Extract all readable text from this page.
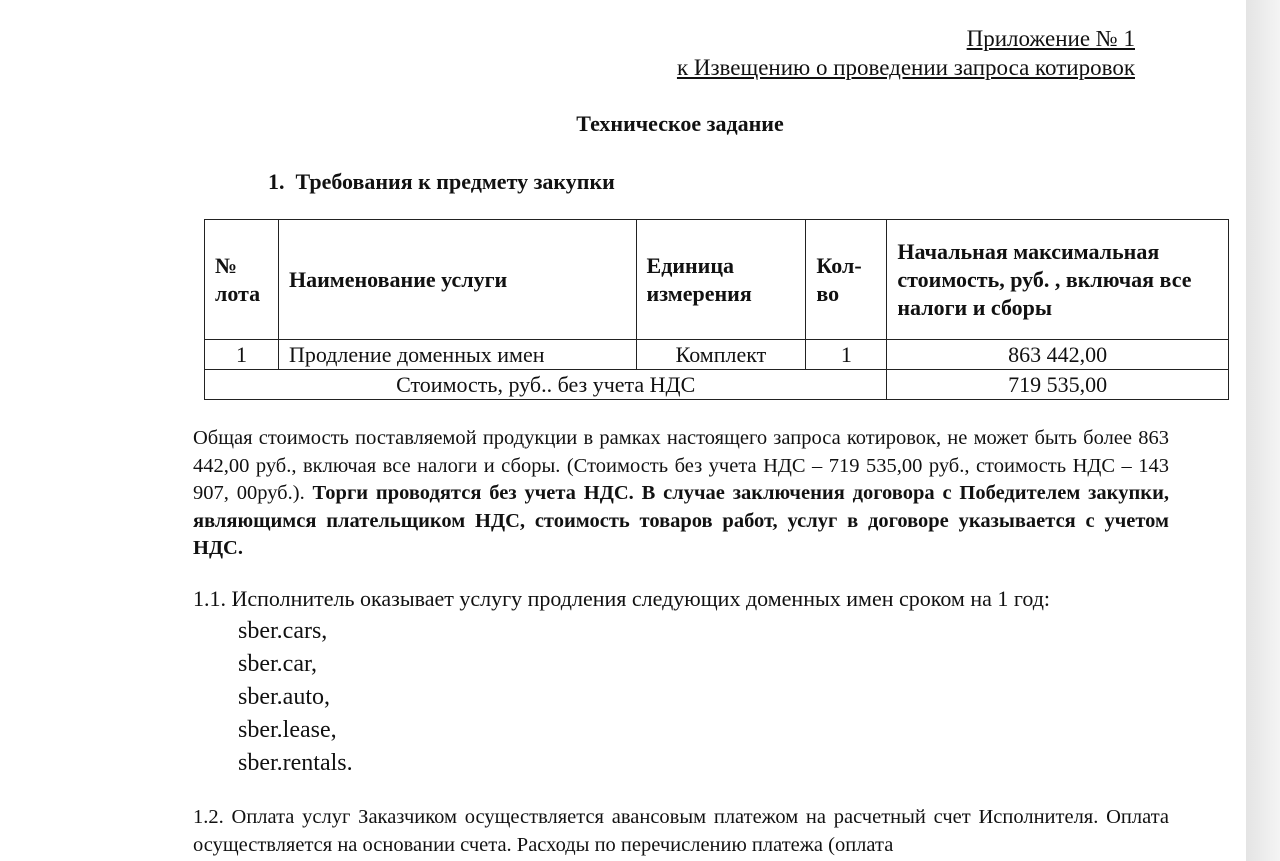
Приложение № 1
к Извещению о проведении запроса котировок
Техническое задание
1. Требования к предмету закупки
№ лота	Наименование услуги	Единица измерения	Кол-во	Начальная максимальная стоимость, руб. , включая все налоги и сборы
1	Продление доменных имен	Комплект	1	863 442,00
Стоимость, руб.. без учета НДС				719 535,00
Общая стоимость поставляемой продукции в рамках настоящего запроса котировок, не может быть более 863 442,00 руб., включая все налоги и сборы. (Стоимость без учета НДС – 719 535,00 руб., стоимость НДС – 143 907, 00руб.). Торги проводятся без учета НДС. В случае заключения договора с Победителем закупки, являющимся плательщиком НДС, стоимость товаров работ, услуг в договоре указывается с учетом НДС.
1.1. Исполнитель оказывает услугу продления следующих доменных имен сроком на 1 год:
sber.cars,
sber.car,
sber.auto,
sber.lease,
sber.rentals.
1.2. Оплата услуг Заказчиком осуществляется авансовым платежом на расчетный счет Исполнителя. Оплата осуществляется на основании счета. Расходы по перечислению платежа (оплата
